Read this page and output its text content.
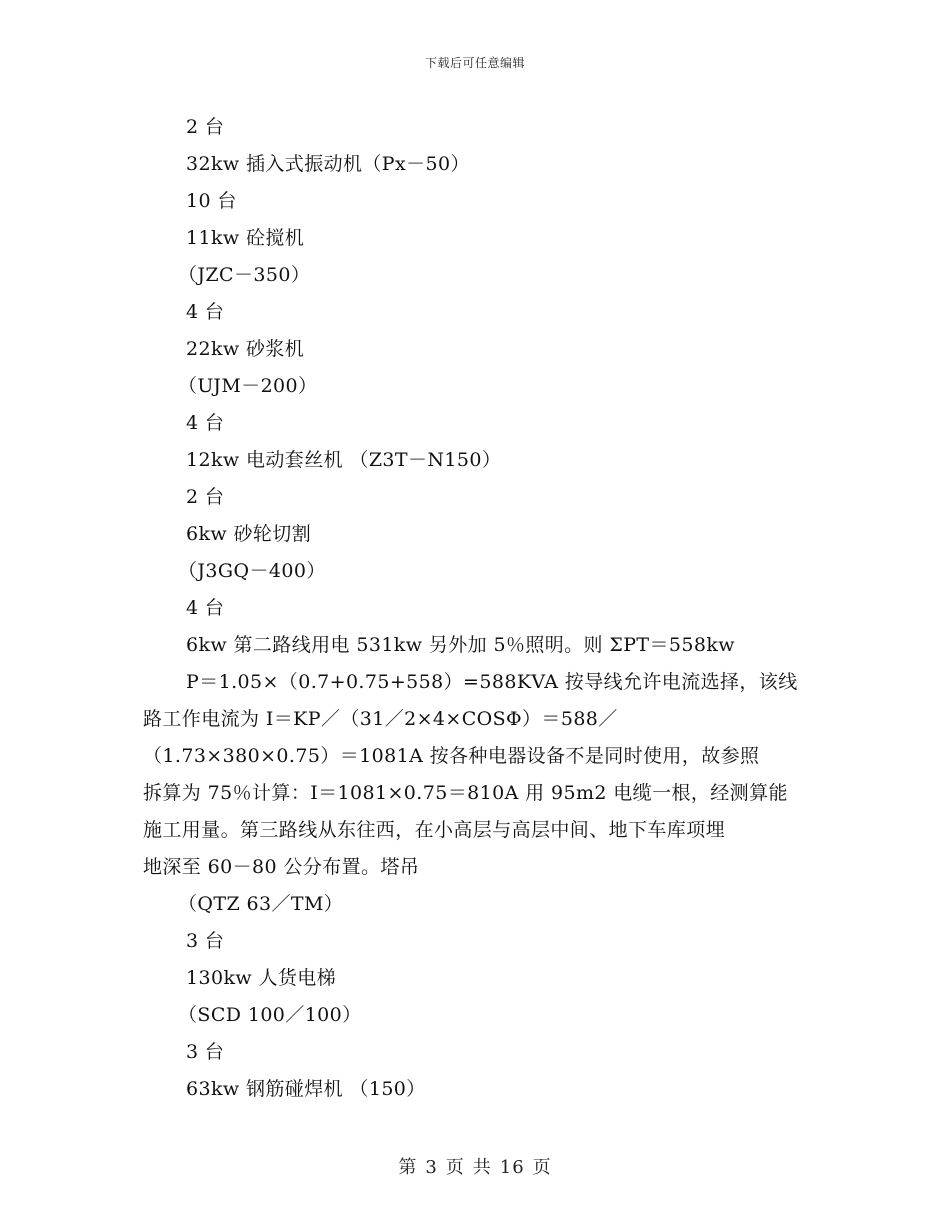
下载后可任意编辑
2 台
32kw 插入式振动机（Px－50）
10 台
11kw 砼搅机
（JZC－350）
4 台
22kw 砂浆机
（UJM－200）
4 台
12kw 电动套丝机 （Z3T－N150）
2 台
6kw 砂轮切割
（J3GQ－400）
4 台
6kw 第二路线用电 531kw 另外加 5％照明。则 ΣPT＝558kw
P＝1.05×（0.7+0.75+558）=588KVA 按导线允许电流选择，该线
路工作电流为 I＝KP／（31／2×4×COSΦ）＝588／
（1.73×380×0.75）＝1081A 按各种电器设备不是同时使用，故参照
拆算为 75％计算：I＝1081×0.75＝810A 用 95m2 电缆一根，经测算能
施工用量。第三路线从东往西，在小高层与高层中间、地下车库项埋
地深至 60－80 公分布置。塔吊
（QTZ 63／TM）
3 台
130kw 人货电梯
（SCD 100／100）
3 台
63kw 钢筋碰焊机 （150）
第 3 页 共 16 页
